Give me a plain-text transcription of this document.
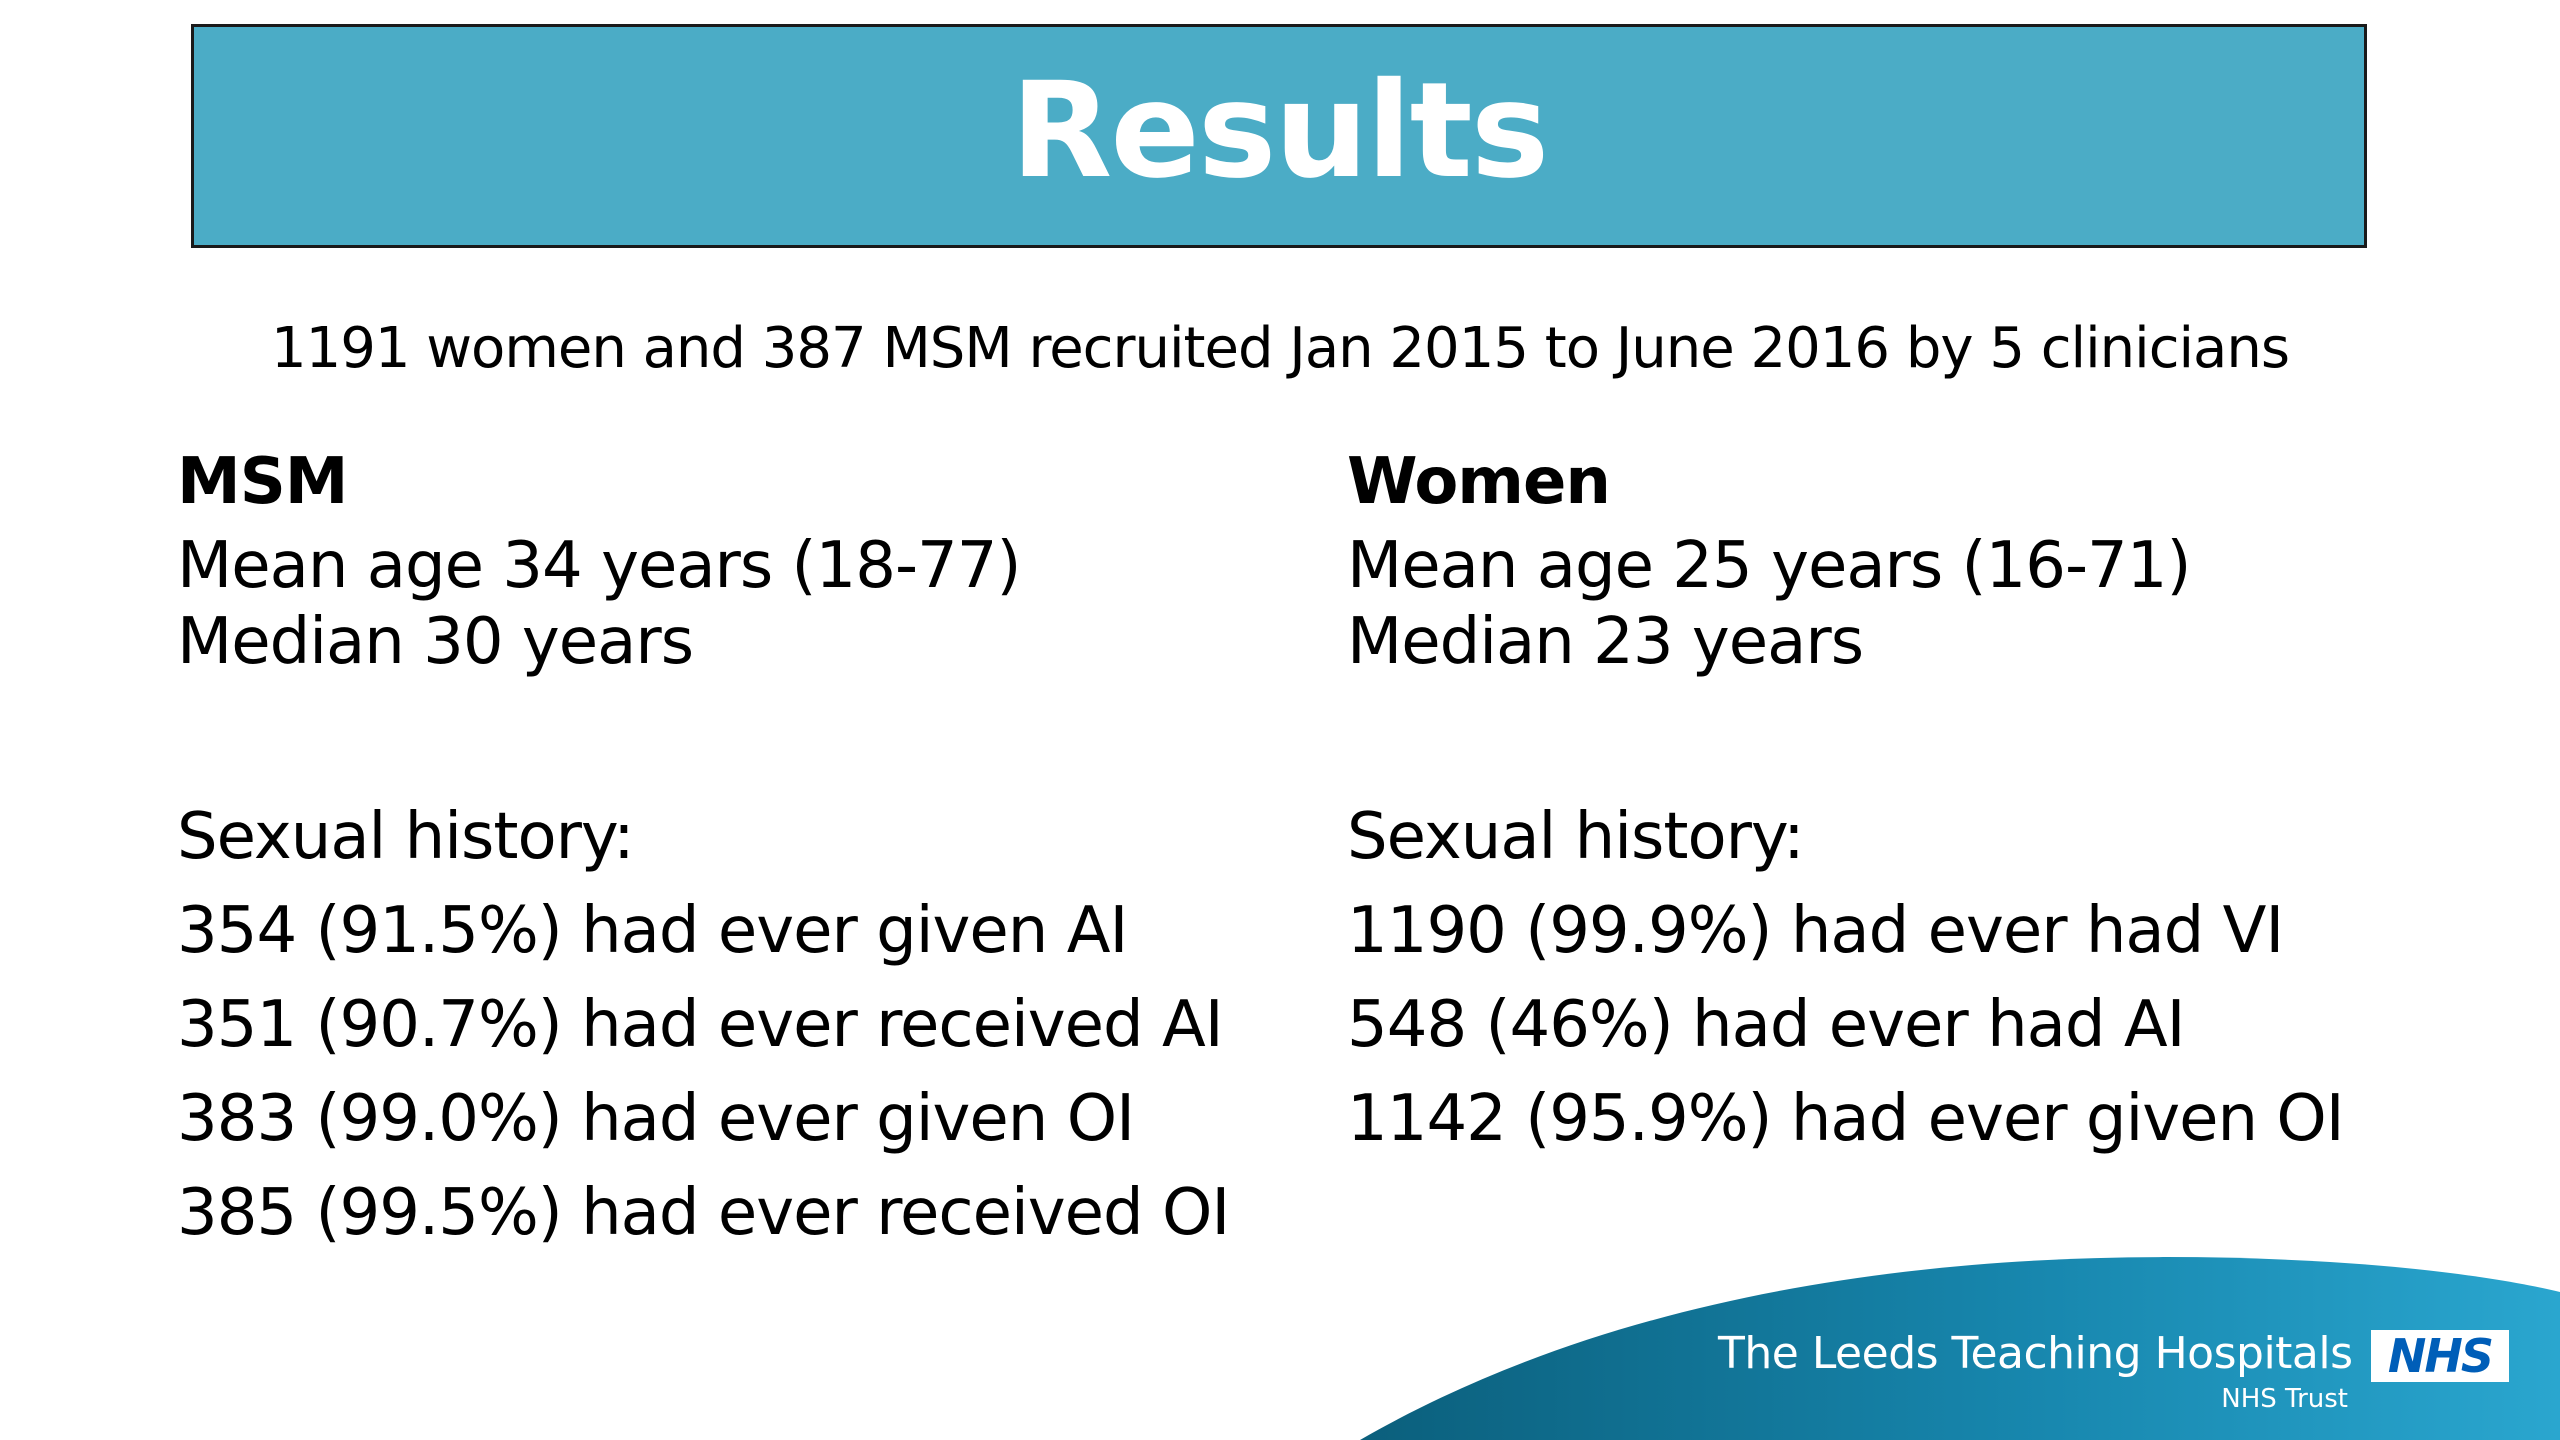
Results
1191 women and 387 MSM recruited Jan 2015 to June 2016 by 5 clinicians
MSM
Mean age 34 years (18-77)
Median 30 years
Sexual history:
354 (91.5%) had ever given AI
351 (90.7%) had ever received AI
383 (99.0%) had ever given OI
385 (99.5%) had ever received OI
Women
Mean age 25 years (16-71)
Median 23 years
Sexual history:
1190 (99.9%) had ever had VI
548 (46%) had ever had AI
1142 (95.9%) had ever given OI
The Leeds Teaching Hospitals NHS
NHS Trust
